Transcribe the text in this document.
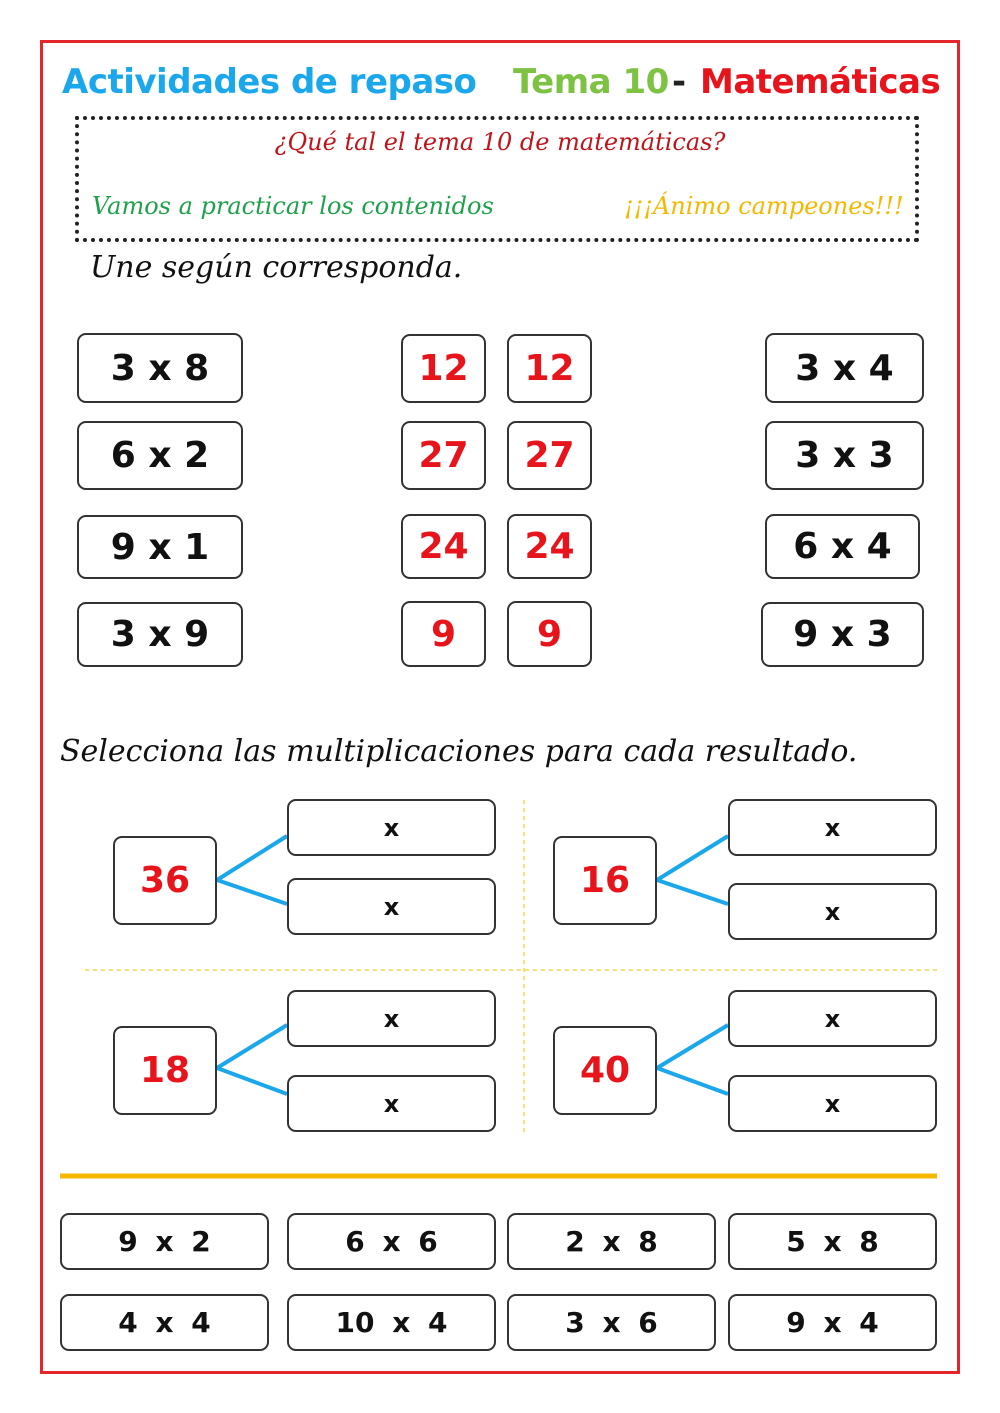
Actividades de repaso Tema 10 - Matemáticas
¿Qué tal el tema 10 de matemáticas?
Vamos a practicar los contenidos	¡¡¡Ánimo campeones!!!
Une según corresponda.
3 x 8
6 x 2
9 x 1
3 x 9
12
27
24
9
12
27
24
9
3 x 4
3 x 3
6 x 4
9 x 3
Selecciona las multiplicaciones para cada resultado.
36	16
18	40
x
x
x
x
x
x
x
x
9 x 2	6 x 6	2 x 8	5 x 8
4 x 4	10 x 4	3 x 6	9 x 4
